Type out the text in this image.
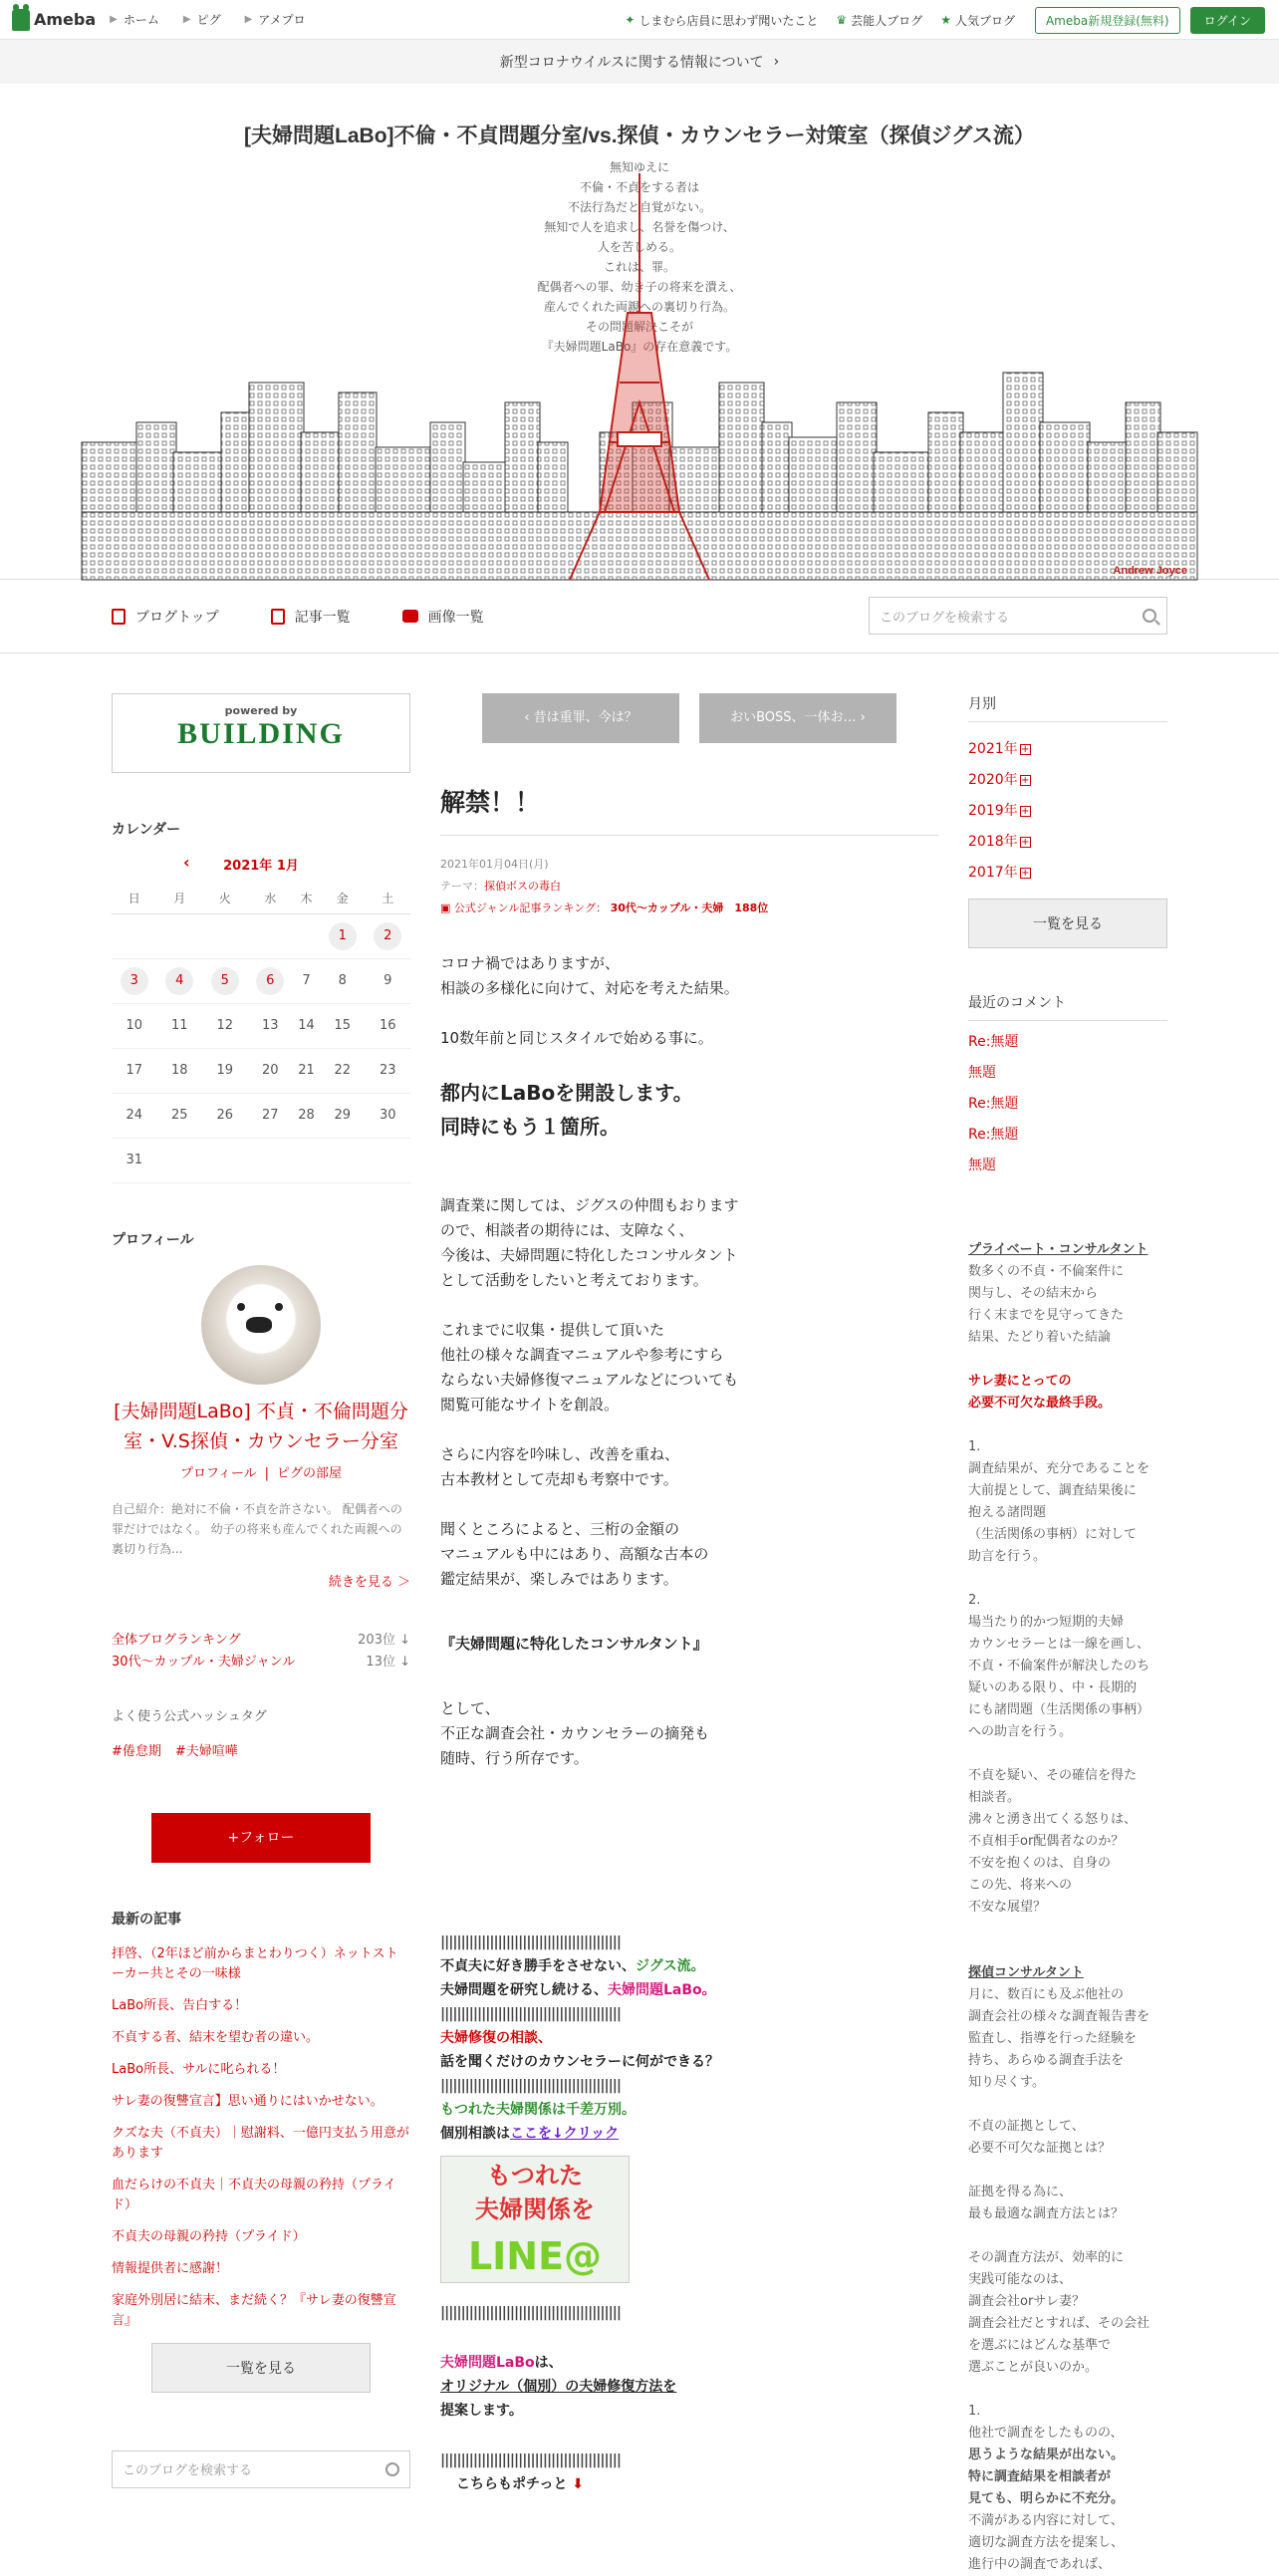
Ameba ▶ ホーム ▶ ピグ ▶ アメプロ	✦ しまむら店員に思わず聞いたこと ♛ 芸能人ブログ ★ 人気ブログ	Ameba新規登録(無料)	ログイン
新型コロナウイルスに関する情報について ›
[夫婦問題LaBo]不倫・不貞問題分室/vs.探偵・カウンセラー対策室（探偵ジグス流）
無知ゆえに
不倫・不貞をする者は
不法行為だと自覚がない。
無知で人を追求し、名誉を傷つけ、
人を苦しめる。
これは、罪。
配偶者への罪、幼き子の将来を潰え、
産んでくれた両親への裏切り行為。
その問題解決こそが
『夫婦問題LaBo』の存在意義です。
Andrew Joyce
ブログトップ	記事一覧	画像一覧	このブログを検索する
powered by
BUILDING
カレンダー
‹	2021年 1月
日	月	火	水	木	金	土
					1	2
3	4	5	6	7	8	9
10	11	12	13	14	15	16
17	18	19	20	21	22	23
24	25	26	27	28	29	30
31						
プロフィール
[夫婦問題LaBo] 不貞・不倫問題分室・V.S探偵・カウンセラー分室
プロフィール | ピグの部屋
自己紹介：絶対に不倫・不貞を許さない。 配偶者への罪だけではなく。 幼子の将来も産んでくれた両親への裏切り行為...
続きを見る ＞
全体ブログランキング	203位 ↓
30代〜カップル・夫婦ジャンル	13位 ↓
よく使う公式ハッシュタグ
#倦怠期 #夫婦喧嘩
+フォロー
最新の記事
拝啓、（2年ほど前からまとわりつく）ネットストーカー共とその一味様
LaBo所長、告白する！
不貞する者、結末を望む者の違い。
LaBo所長、サルに叱られる！
サレ妻の復讐宣言】思い通りにはいかせない。
クズな夫（不貞夫）｜慰謝料、一億円支払う用意があります
血だらけの不貞夫｜不貞夫の母親の矜持（プライド）
不貞夫の母親の矜持（プライド）
情報提供者に感謝！
家庭外別居に結末、まだ続く？『サレ妻の復讐宣言』
一覧を見る
このブログを検索する
‹ 昔は重罪、今は？	おいBOSS、一体お… ›
解禁！！
2021年01月04日(月)
テーマ：探偵ボスの毒白
▣ 公式ジャンル記事ランキング： 30代〜カップル・夫婦　188位

コロナ禍ではありますが、
相談の多様化に向けて、対応を考えた結果。

10数年前と同じスタイルで始める事に。

都内にLaBoを開設します。
同時にもう１箇所。

調査業に関しては、ジグスの仲間もおります
ので、相談者の期待には、支障なく、
今後は、夫婦問題に特化したコンサルタント
として活動をしたいと考えております。

これまでに収集・提供して頂いた
他社の様々な調査マニュアルや参考にすら
ならない夫婦修復マニュアルなどについても
閲覧可能なサイトを創設。

さらに内容を吟味し、改善を重ね、
古本教材として売却も考察中です。

聞くところによると、三桁の金額の
マニュアルも中にはあり、高額な古本の
鑑定結果が、楽しみではあります。

『夫婦問題に特化したコンサルタント』

として、
不正な調査会社・カウンセラーの摘発も
随時、行う所存です。

||||||||||||||||||||||||||||||||||||||||||||
不貞夫に好き勝手をさせない、ジグス流。
夫婦問題を研究し続ける、夫婦問題LaBo。
||||||||||||||||||||||||||||||||||||||||||||
夫婦修復の相談、
話を聞くだけのカウンセラーに何ができる？
||||||||||||||||||||||||||||||||||||||||||||
もつれた夫婦関係は千差万別。
個別相談はここを↓クリック
もつれた
夫婦関係を
LINE@
||||||||||||||||||||||||||||||||||||||||||||
夫婦問題LaBoは、
オリジナル（個別）の夫婦修復方法を
提案します。
||||||||||||||||||||||||||||||||||||||||||||
こちらもポチっと ⬇
月別
2021年 +
2020年 +
2019年 +
2018年 +
2017年 +
一覧を見る
最近のコメント
Re:無題
無題
Re:無題
Re:無題
無題
プライベート・コンサルタント
数多くの不貞・不倫案件に
関与し、その結末から
行く末までを見守ってきた
結果、たどり着いた結論

サレ妻にとっての
必要不可欠な最終手段。

1.
調査結果が、充分であることを
大前提として、調査結果後に
抱える諸問題
（生活関係の事柄）に対して
助言を行う。

2.
場当たり的かつ短期的夫婦
カウンセラーとは一線を画し、
不貞・不倫案件が解決したのち
疑いのある限り、中・長期的
にも諸問題（生活関係の事柄）
への助言を行う。

不貞を疑い、その確信を得た
相談者。
沸々と湧き出てくる怒りは、
不貞相手or配偶者なのか？
不安を抱くのは、自身の
この先、将来への
不安な展望？

探偵コンサルタント
月に、数百にも及ぶ他社の
調査会社の様々な調査報告書を
監査し、指導を行った経験を
持ち、あらゆる調査手法を
知り尽くす。

不貞の証拠として、
必要不可欠な証拠とは？

証拠を得る為に、
最も最適な調査方法とは？

その調査方法が、効率的に
実践可能なのは、
調査会社orサレ妻？
調査会社だとすれば、その会社
を選ぶにはどんな基準で
選ぶことが良いのか。

1.
他社で調査をしたものの、
思うような結果が出ない。
特に調査結果を相談者が
見ても、明らかに不充分。
不満がある内容に対して、
適切な調査方法を提案し、
進行中の調査であれば、
